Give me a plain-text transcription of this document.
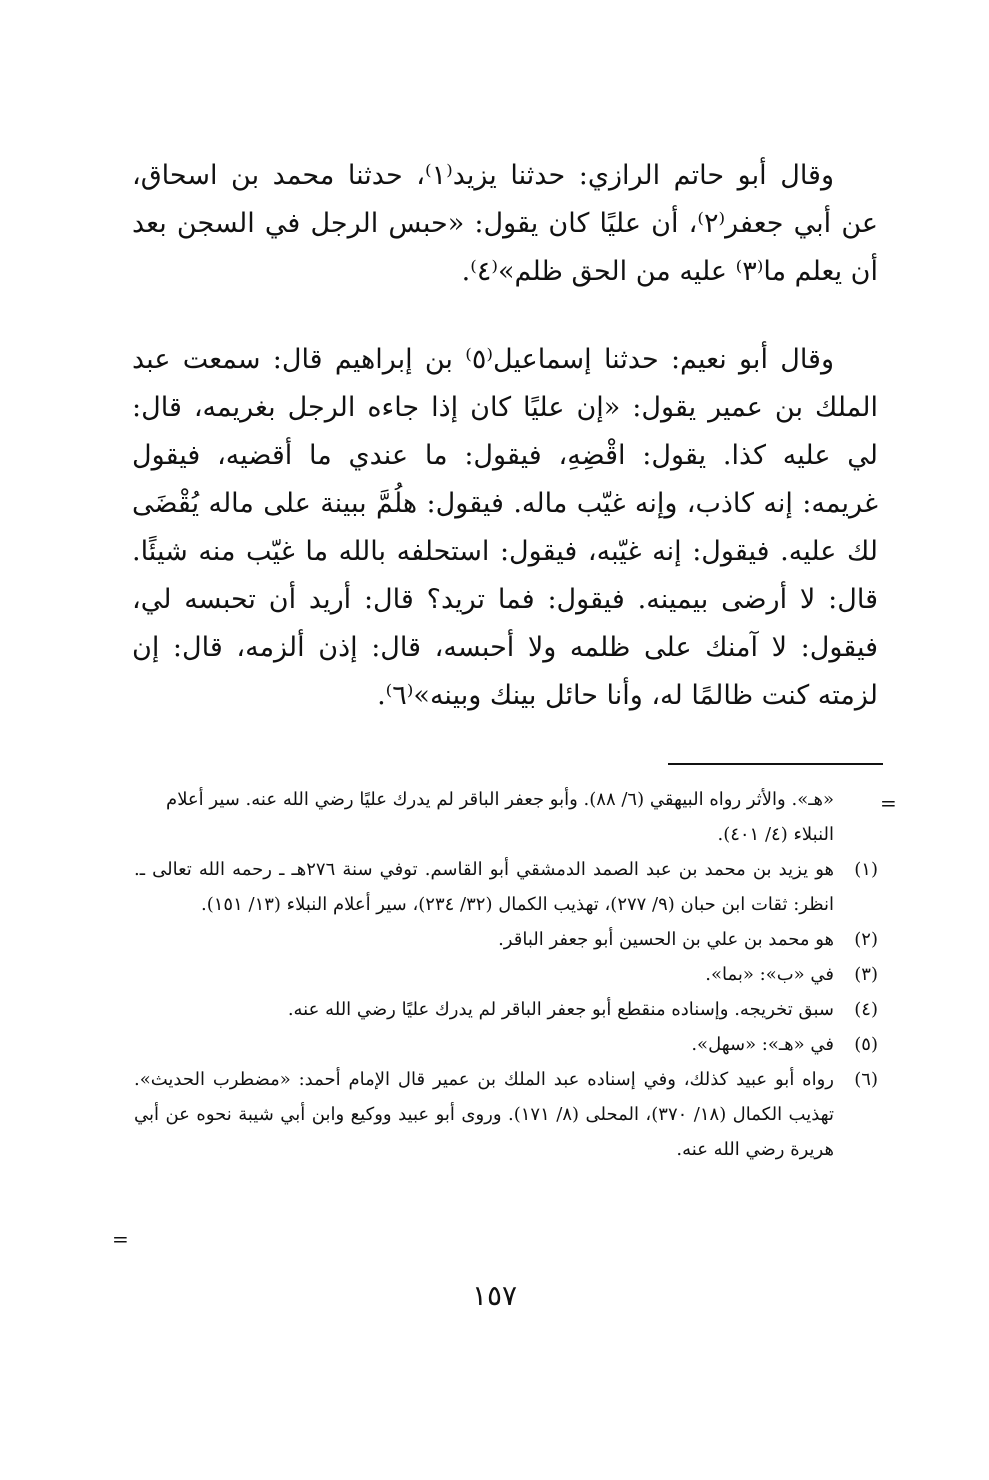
وقال أبو حاتم الرازي: حدثنا يزيد⁽١⁾، حدثنا محمد بن اسحاق، عن أبي جعفر⁽٢⁾، أن عليًا كان يقول: «حبس الرجل في السجن بعد أن يعلم ما⁽٣⁾ عليه من الحق ظلم»⁽٤⁾.

وقال أبو نعيم: حدثنا إسماعيل⁽٥⁾ بن إبراهيم قال: سمعت عبد الملك بن عمير يقول: «إن عليًا كان إذا جاءه الرجل بغريمه، قال: لي عليه كذا. يقول: اقْضِهِ، فيقول: ما عندي ما أقضيه، فيقول غريمه: إنه كاذب، وإنه غيّب ماله. فيقول: هلُمَّ ببينة على ماله يُقْضَى لك عليه. فيقول: إنه غيّبه، فيقول: استحلفه بالله ما غيّب منه شيئًا. قال: لا أرضى بيمينه. فيقول: فما تريد؟ قال: أريد أن تحبسه لي، فيقول: لا آمنك على ظلمه ولا أحبسه، قال: إذن ألزمه، قال: إن لزمته كنت ظالمًا له، وأنا حائل بينك وبينه»⁽٦⁾.

=
«هـ». والأثر رواه البيهقي (٦/ ٨٨). وأبو جعفر الباقر لم يدرك عليًا رضي الله عنه. سير أعلام النبلاء (٤/ ٤٠١).
(١)
هو يزيد بن محمد بن عبد الصمد الدمشقي أبو القاسم. توفي سنة ٢٧٦هـ ـ رحمه الله تعالى ـ. انظر: ثقات ابن حبان (٩/ ٢٧٧)، تهذيب الكمال (٣٢/ ٢٣٤)، سير أعلام النبلاء (١٣/ ١٥١).
(٢)
هو محمد بن علي بن الحسين أبو جعفر الباقر.
(٣)
في «ب»: «بما».
(٤)
سبق تخريجه. وإسناده منقطع أبو جعفر الباقر لم يدرك عليًا رضي الله عنه.
(٥)
في «هـ»: «سهل».
(٦)
رواه أبو عبيد كذلك، وفي إسناده عبد الملك بن عمير قال الإمام أحمد: «مضطرب الحديث». تهذيب الكمال (١٨/ ٣٧٠)، المحلى (٨/ ١٧١). وروى أبو عبيد ووكيع وابن أبي شيبة نحوه عن أبي هريرة رضي الله عنه.
=
١٥٧
